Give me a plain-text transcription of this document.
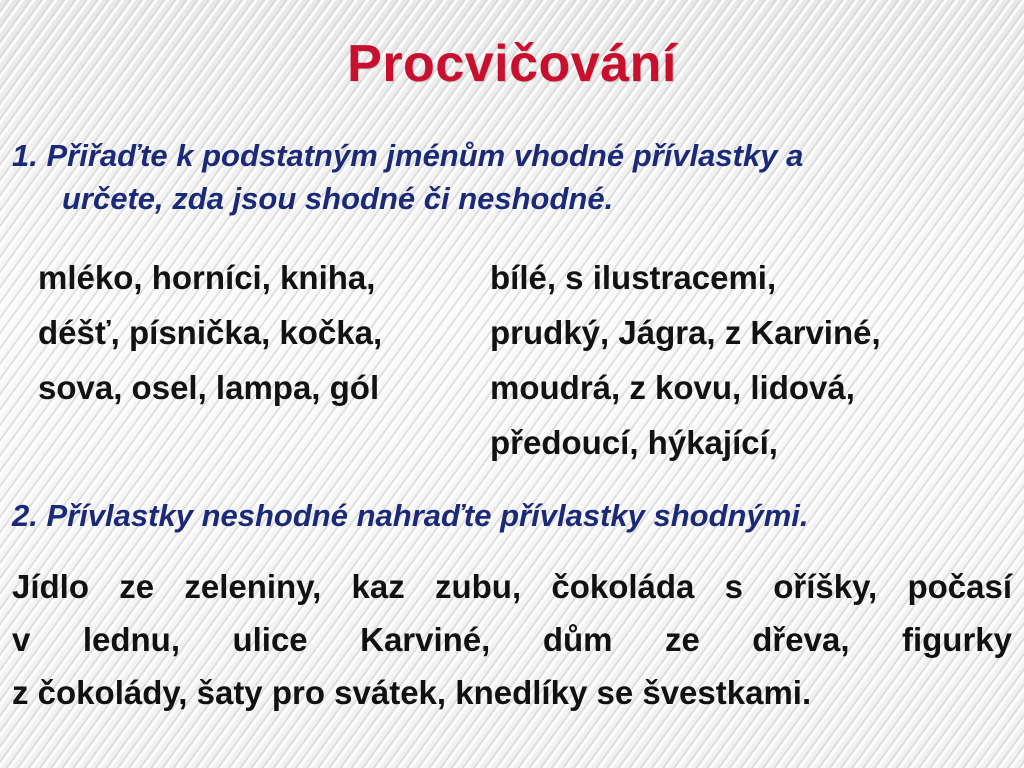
Procvičování
1. Přiřaďte k podstatným jménům vhodné přívlastky a
určete, zda jsou shodné či neshodné.
mléko, horníci, kniha,
déšť, písnička, kočka,
sova, osel, lampa, gól
bílé, s ilustracemi,
prudký, Jágra, z Karviné,
moudrá, z kovu, lidová,
předoucí, hýkající,
2. Přívlastky neshodné nahraďte přívlastky shodnými.
Jídlo ze zeleniny, kaz zubu, čokoláda s oříšky, počasí
v lednu, ulice Karviné, dům ze dřeva, figurky
z čokolády, šaty pro svátek, knedlíky se švestkami.
